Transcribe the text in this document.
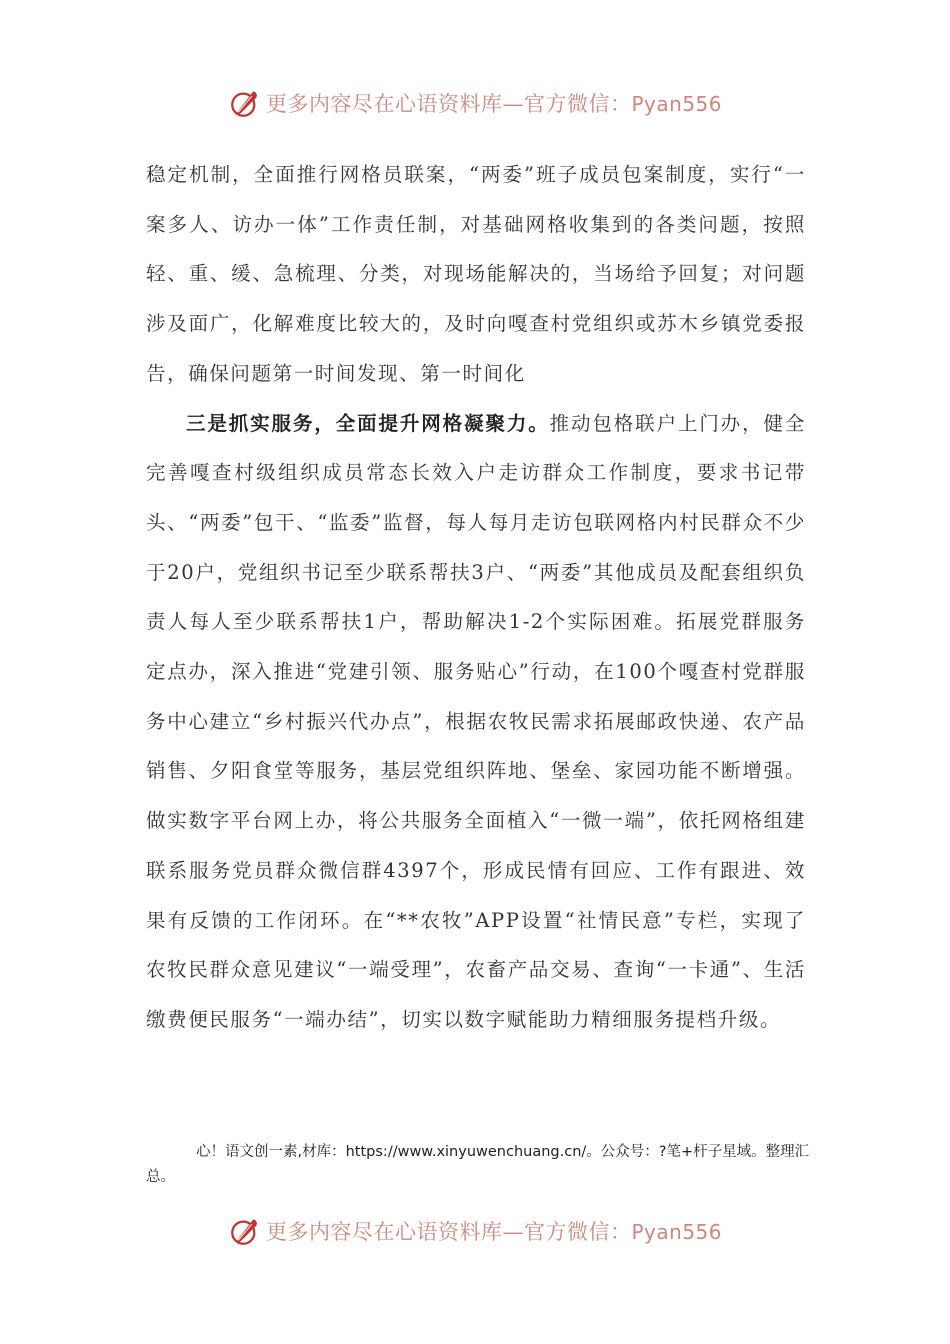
更多内容尽在心语资料库—官方微信：Pyan556

稳定机制，全面推行网格员联案，“两委”班子成员包案制度，实行“一案多人、访办一体”工作责任制，对基础网格收集到的各类问题，按照轻、重、缓、急梳理、分类，对现场能解决的，当场给予回复；对问题涉及面广，化解难度比较大的，及时向嘎查村党组织或苏木乡镇党委报告，确保问题第一时间发现、第一时间化

三是抓实服务，全面提升网格凝聚力。推动包格联户上门办，健全完善嘎查村级组织成员常态长效入户走访群众工作制度，要求书记带头、“两委”包干、“监委”监督，每人每月走访包联网格内村民群众不少于20户，党组织书记至少联系帮扶3户、“两委”其他成员及配套组织负责人每人至少联系帮扶1户，帮助解决1-2个实际困难。拓展党群服务定点办，深入推进“党建引领、服务贴心”行动，在100个嘎查村党群服务中心建立“乡村振兴代办点”，根据农牧民需求拓展邮政快递、农产品销售、夕阳食堂等服务，基层党组织阵地、堡垒、家园功能不断增强。做实数字平台网上办，将公共服务全面植入“一微一端”，依托网格组建联系服务党员群众微信群4397个，形成民情有回应、工作有跟进、效果有反馈的工作闭环。在“**农牧”APP设置“社情民意”专栏，实现了农牧民群众意见建议“一端受理”，农畜产品交易、查询“一卡通”、生活缴费便民服务“一端办结”，切实以数字赋能助力精细服务提档升级。

心！语文创一素,材库：https://www.xinyuwenchuang.cn/。公众号：?笔+杆子星域。整理汇总。
更多内容尽在心语资料库—官方微信：Pyan556
